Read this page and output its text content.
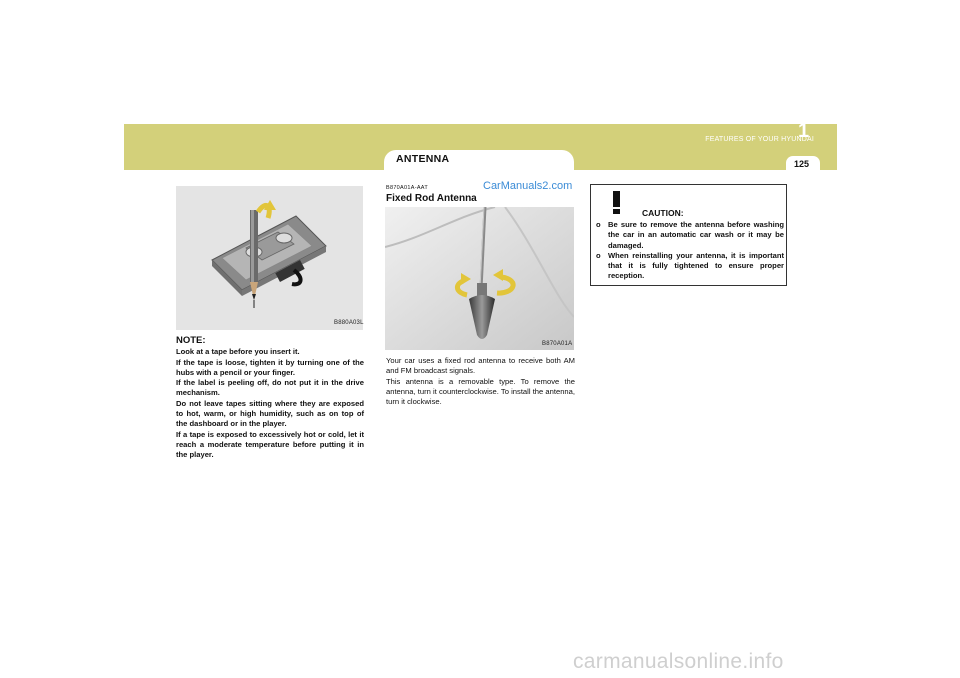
ANTENNA
FEATURES OF YOUR HYUNDAI
1
125
B880A03L
NOTE:
Look at a tape before you insert it.
If the tape is loose, tighten it by turning one of the hubs with a pencil or your finger.
If the label is peeling off, do not put it in the drive mechanism.
Do not leave tapes sitting where they are exposed to hot, warm, or high humidity, such as on top of the dashboard or in the player.
If a tape is exposed to excessively hot or cold, let it reach a moderate temperature before putting it in the player.
CarManuals2.com
B870A01A-AAT
Fixed Rod Antenna
B870A01A
Your car uses a fixed rod antenna to receive both AM and FM broadcast signals.
This antenna is a removable type. To remove the antenna, turn it counterclockwise. To install the antenna, turn it clockwise.
CAUTION:
o Be sure to remove the antenna before washing the car in an automatic car wash or it may be damaged.
o When reinstalling your antenna, it is important that it is fully tightened to ensure proper reception.
carmanualsonline.info
